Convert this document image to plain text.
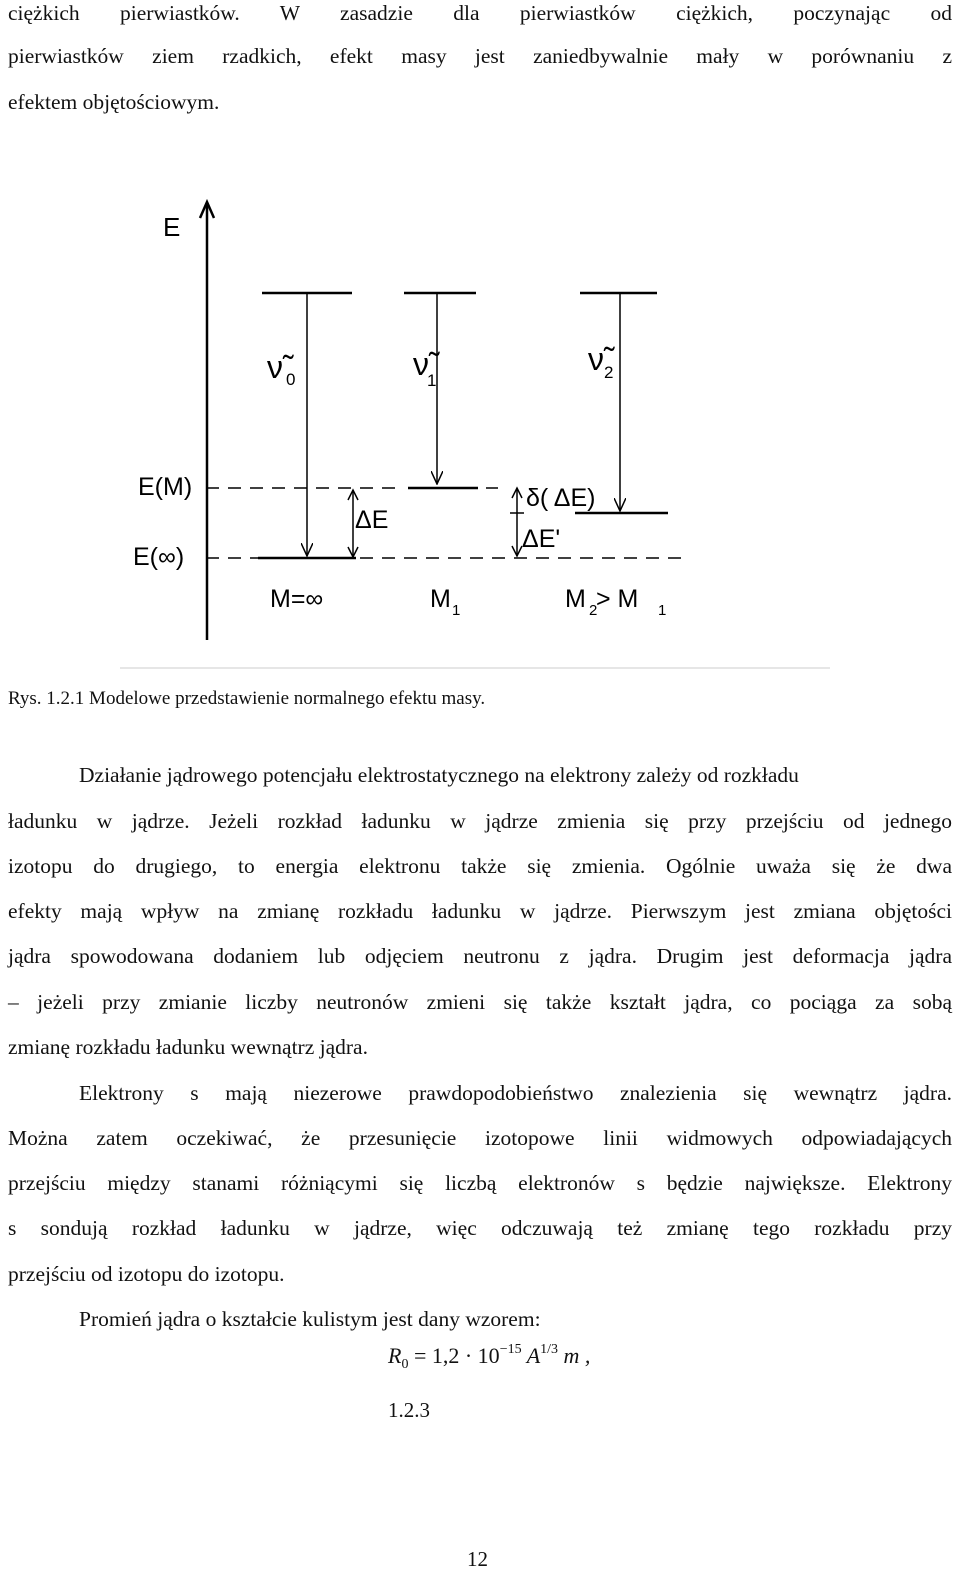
ciężkich pierwiastków. W zasadzie dla pierwiastków ciężkich, poczynając od
pierwiastków ziem rzadkich, efekt masy jest zaniedbywalnie mały w porównaniu z
efektem objętościowym.
E
ν̃ 0	ν̃
1
ν̃ 2
E(M)
E(∞)
ΔE
δ( ΔE)
ΔE'
M=∞	M 1	M 2
> M 1
Rys. 1.2.1 Modelowe przedstawienie normalnego efektu masy.
Działanie jądrowego potencjału elektrostatycznego na elektrony zależy od rozkładu
ładunku w jądrze. Jeżeli rozkład ładunku w jądrze zmienia się przy przejściu od jednego
izotopu do drugiego, to energia elektronu także się zmienia. Ogólnie uważa się że dwa
efekty mają wpływ na zmianę rozkładu ładunku w jądrze. Pierwszym jest zmiana objętości
jądra spowodowana dodaniem lub odjęciem neutronu z jądra. Drugim jest deformacja jądra
– jeżeli przy zmianie liczby neutronów zmieni się także kształt jądra, co pociąga za sobą
zmianę rozkładu ładunku wewnątrz jądra.
Elektrony s mają niezerowe prawdopodobieństwo znalezienia się wewnątrz jądra.
Można zatem oczekiwać, że przesunięcie izotopowe linii widmowych odpowiadających
przejściu między stanami różniącymi się liczbą elektronów s będzie największe. Elektrony
s sondują rozkład ładunku w jądrze, więc odczuwają też zmianę tego rozkładu przy
przejściu od izotopu do izotopu.
Promień jądra o kształcie kulistym jest dany wzorem:
$R_0 = 1,2 \cdot 10^{-15}$ $A^{1/3}$ m ,
1.2.3
12
